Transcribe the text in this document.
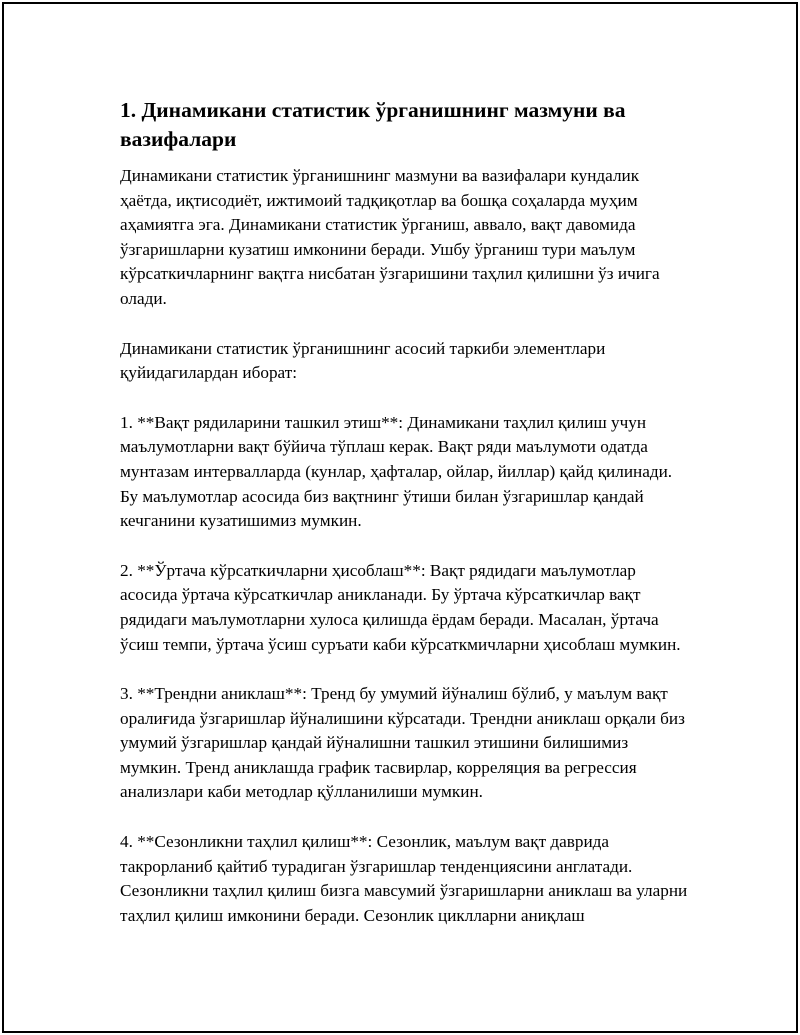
1. Динамикани статистик ўрганишнинг мазмуни ва вазифалари

Динамикани статистик ўрганишнинг мазмуни ва вазифалари кундалик ҳаётда, иқтисодиёт, ижтимоий тадқиқотлар ва бошқа соҳаларда муҳим аҳамиятга эга. Динамикани статистик ўрганиш, аввало, вақт давомида ўзгаришларни кузатиш имконини беради. Ушбу ўрганиш тури маълум кўрсаткичларнинг вақтга нисбатан ўзгаришини таҳлил қилишни ўз ичига олади.

Динамикани статистик ўрганишнинг асосий таркиби элементлари қуйидагилардан иборат:

1. **Вақт рядиларини ташкил этиш**: Динамикани таҳлил қилиш учун маълумотларни вақт бўйича тўплаш керак. Вақт ряди маълумоти одатда мунтазам интервалларда (кунлар, ҳафталар, ойлар, йиллар) қайд қилинади. Бу маълумотлар асосида биз вақтнинг ўтиши билан ўзгаришлар қандай кечганини кузатишимиз мумкин.

2. **Ўртача кўрсаткичларни ҳисоблаш**: Вақт рядидаги маълумотлар асосида ўртача кўрсаткичлар аникланади. Бу ўртача кўрсаткичлар вақт рядидаги маълумотларни хулоса қилишда ёрдам беради. Масалан, ўртача ўсиш темпи, ўртача ўсиш суръати каби кўрсаткмичларни ҳисоблаш мумкин.

3. **Трендни аниклаш**: Тренд бу умумий йўналиш бўлиб, у маълум вақт оралиғида ўзгаришлар йўналишини кўрсатади. Трендни аниклаш орқали биз умумий ўзгаришлар қандай йўналишни ташкил этишини билишимиз мумкин. Тренд аниклашда график тасвирлар, корреляция ва регрессия анализлари каби методлар қўлланилиши мумкин.

4. **Сезонликни таҳлил қилиш**: Сезонлик, маълум вақт даврида такрорланиб қайтиб турадиган ўзгаришлар тенденциясини англатади. Сезонликни таҳлил қилиш бизга мавсумий ўзгаришларни аниклаш ва уларни таҳлил қилиш имконини беради. Сезонлик циклларни аниқлаш
